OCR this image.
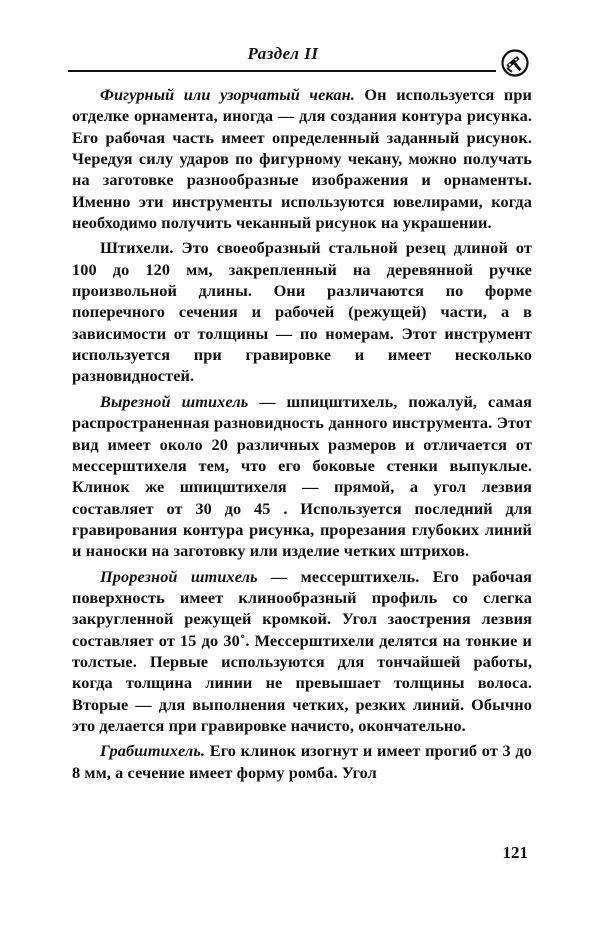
Раздел II

Фигурный или узорчатый чекан. Он используется при отделке орнамента, иногда — для создания контура рисунка. Его рабочая часть имеет определенный заданный рисунок. Чередуя силу ударов по фигурному чекану, можно получать на заготовке разнообразные изображения и орнаменты. Именно эти инструменты используются ювелирами, когда необходимо получить чеканный рисунок на украшении.

Штихели. Это своеобразный стальной резец длиной от 100 до 120 мм, закрепленный на деревянной ручке произвольной длины. Они различаются по форме поперечного сечения и рабочей (режущей) части, а в зависимости от толщины — по номерам. Этот инструмент используется при гравировке и имеет несколько разновидностей.

Вырезной штихель — шпицштихель, пожалуй, самая распространенная разновидность данного инструмента. Этот вид имеет около 20 различных размеров и отличается от мессерштихеля тем, что его боковые стенки выпуклые. Клинок же шпицштихеля — прямой, а угол лезвия составляет от 30 до 45 . Используется последний для гравирования контура рисунка, прорезания глубоких линий и наноски на заготовку или изделие четких штрихов.

Прорезной штихель — мессерштихель. Его рабочая поверхность имеет клинообразный профиль со слегка закругленной режущей кромкой. Угол заострения лезвия составляет от 15 до 30˚. Мессерштихели делятся на тонкие и толстые. Первые используются для тончайшей работы, когда толщина линии не превышает толщины волоса. Вторые — для выполнения четких, резких линий. Обычно это делается при гравировке начисто, окончательно.

Грабштихель. Его клинок изогнут и имеет прогиб от 3 до 8 мм, а сечение имеет форму ромба. Угол

121
